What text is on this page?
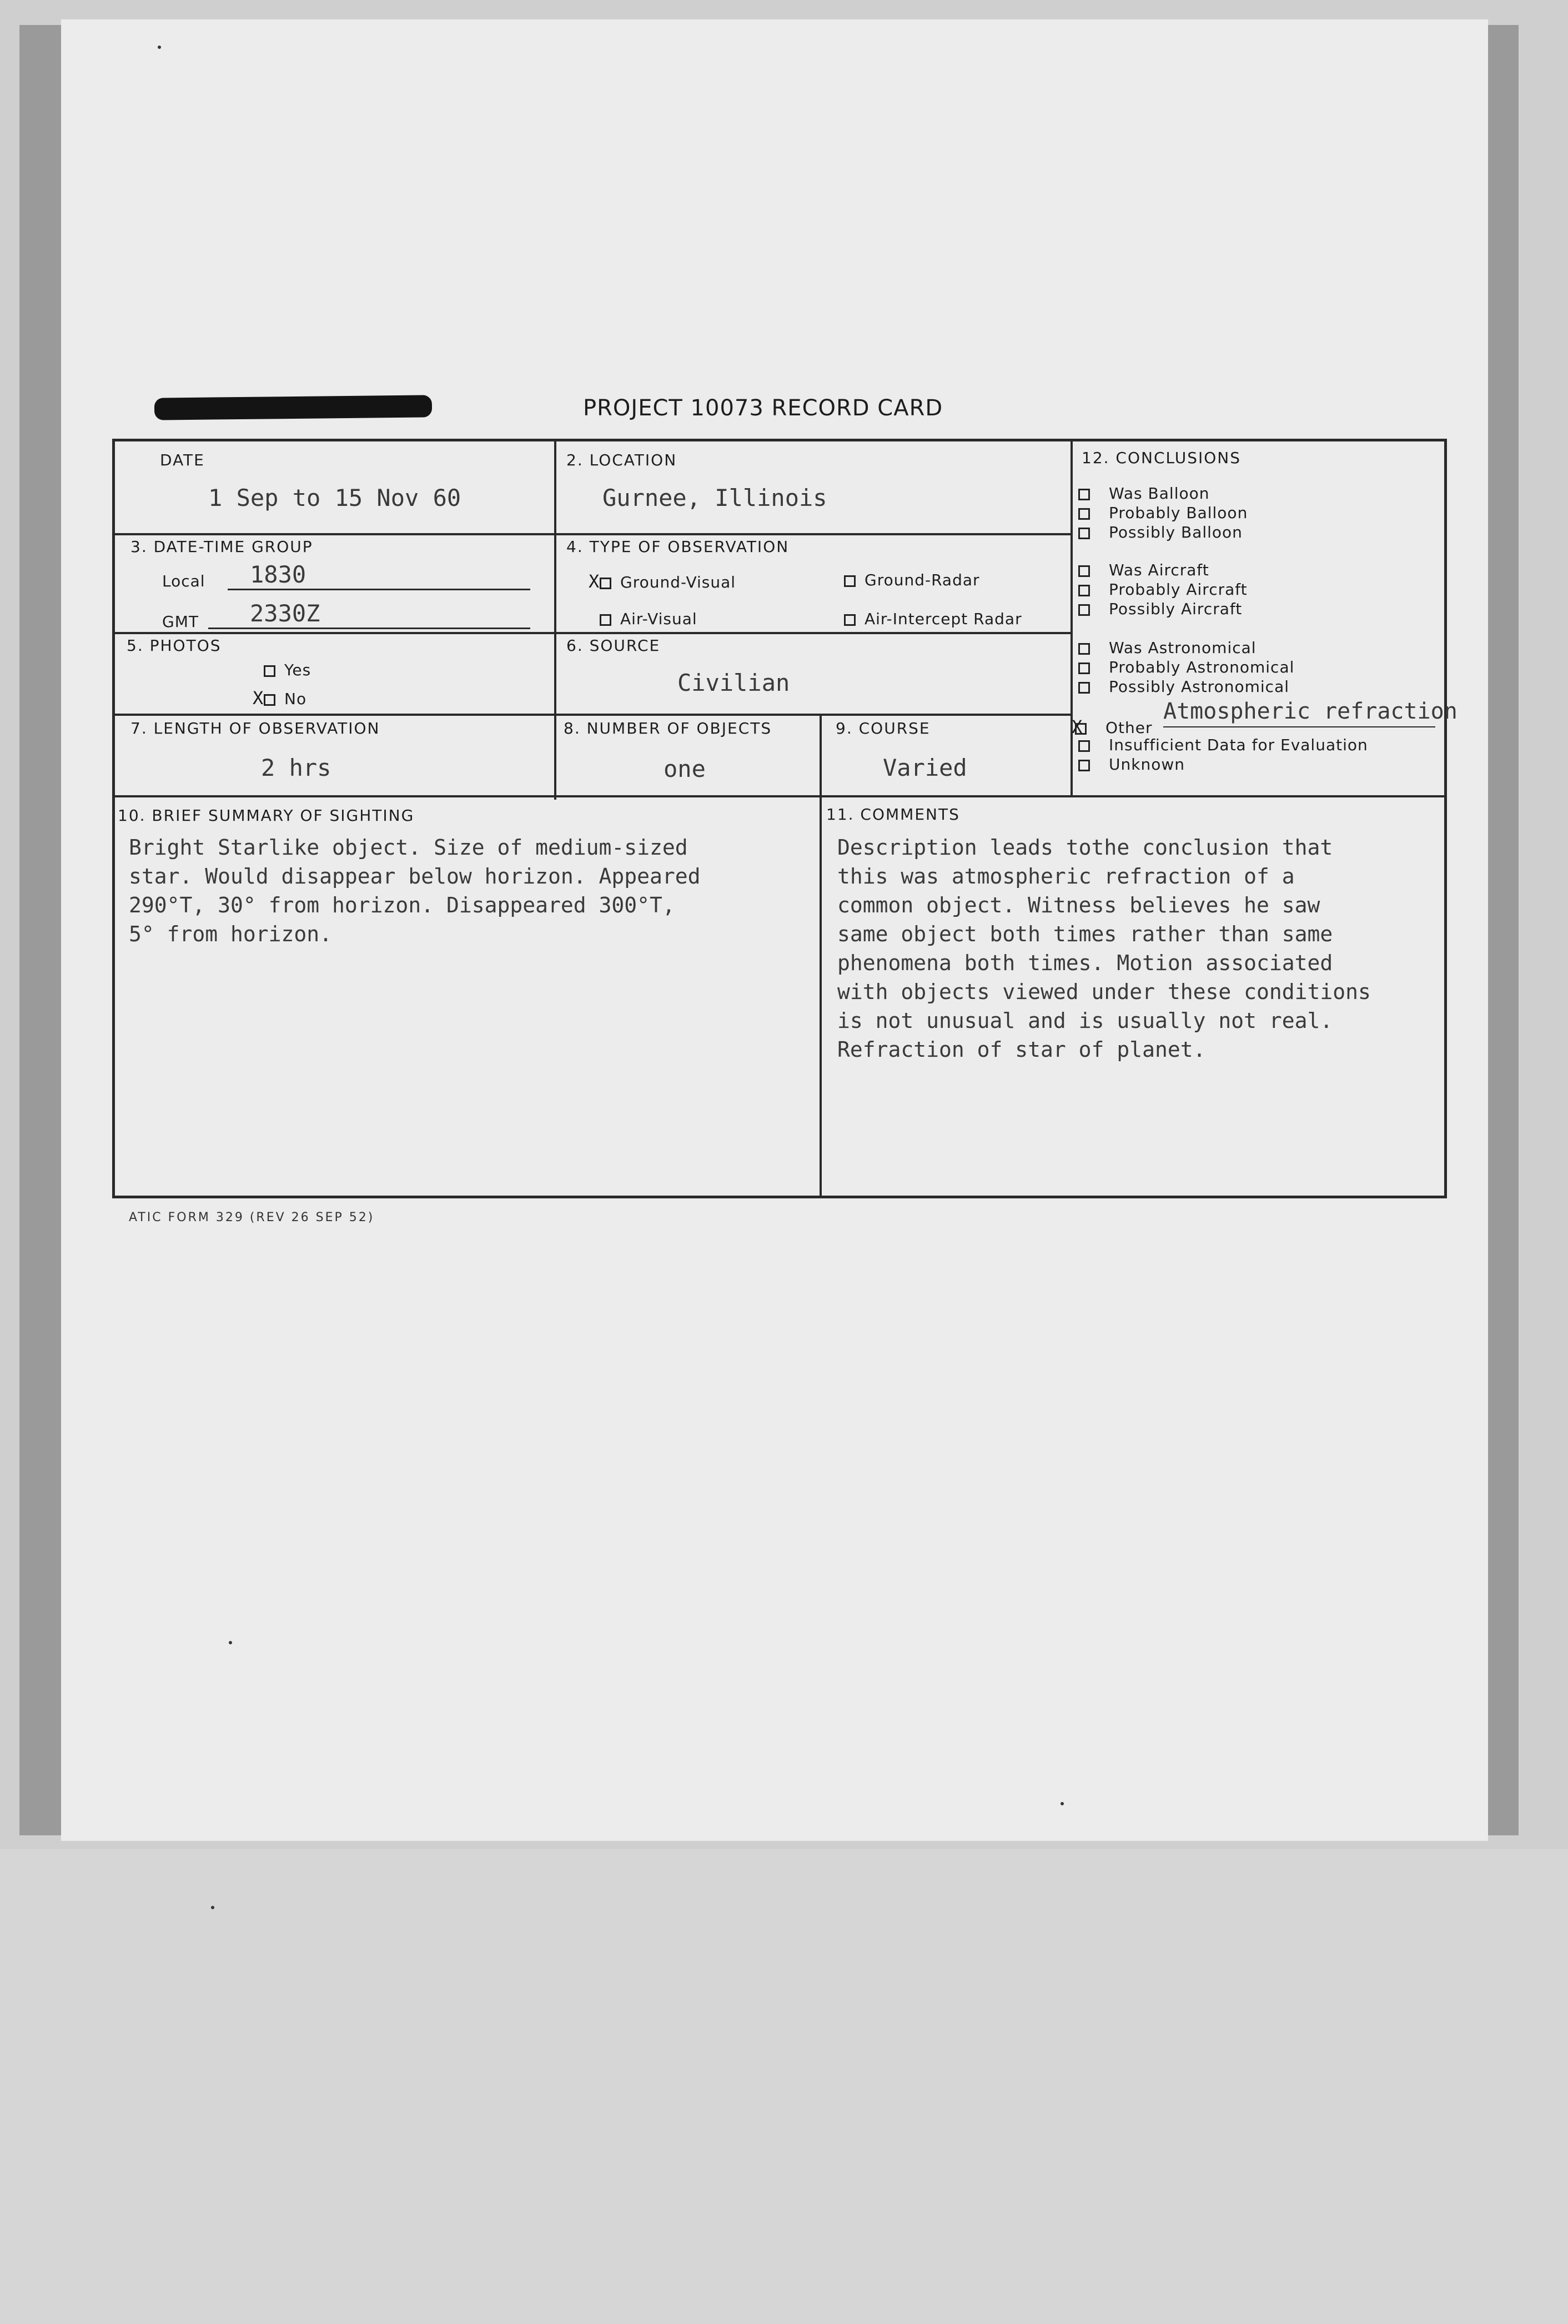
PROJECT 10073 RECORD CARD
DATE
1 Sep to 15 Nov 60
2. LOCATION
Gurnee, Illinois
3. DATE-TIME GROUP
Local 1830
GMT 2330Z
4. TYPE OF OBSERVATION
X Ground-Visual	Ground-Radar
Air-Visual	Air-Intercept Radar
5. PHOTOS
Yes
X No
6. SOURCE
Civilian
7. LENGTH OF OBSERVATION
2 hrs
8. NUMBER OF OBJECTS
one
9. COURSE
Varied
12. CONCLUSIONS
Was Balloon
Probably Balloon
Possibly Balloon
Was Aircraft
Probably Aircraft
Possibly Aircraft
Was Astronomical
Probably Astronomical
Possibly Astronomical
X Other
Atmospheric refraction
Insufficient Data for Evaluation
Unknown
10. BRIEF SUMMARY OF SIGHTING
Bright Starlike object. Size of medium-sized
star. Would disappear below horizon. Appeared
290°T, 30° from horizon. Disappeared 300°T,
5° from horizon.
11. COMMENTS
Description leads tothe conclusion that
this was atmospheric refraction of a
common object. Witness believes he saw
same object both times rather than same
phenomena both times. Motion associated
with objects viewed under these conditions
is not unusual and is usually not real.
Refraction of star of planet.
ATIC FORM 329 (REV 26 SEP 52)
